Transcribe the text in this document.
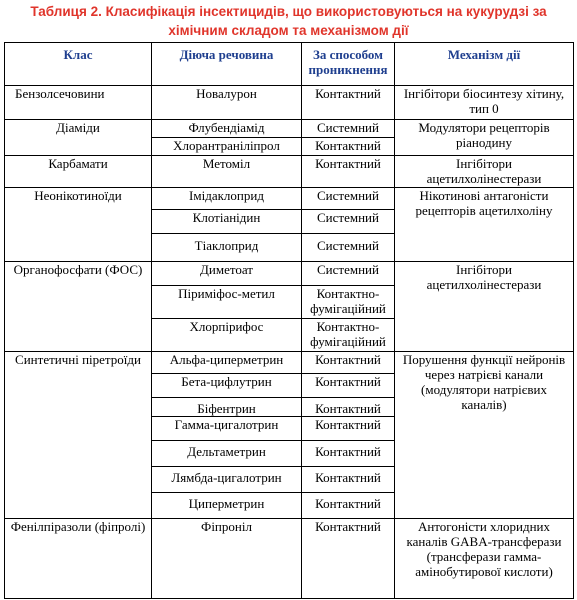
Таблиця 2. Класифікація інсектицидів, що використовуються на кукурудзі за
хімічним складом та механізмом дії
Клас	Діюча речовина	За способом проникнення	Механізм дії
Бензолсечовини	Новалурон	Контактний	Інгібітори біосинтезу хітину, тип 0
Діаміди	Флубендіамід	Системний	Модулятори рецепторів ріанодину
	Хлорантраніліпрол	Контактний	
Карбамати	Метоміл	Контактний	Інгібітори ацетилхолінестерази
Неонікотиноїди	Імідаклоприд	Системний	Нікотинові антагоністи рецепторів ацетилхоліну
	Клотіанідин	Системний	
	Тіаклоприд	Системний	
Органофосфати (ФОС)	Диметоат	Системний	Інгібітори ацетилхолінестерази
	Піриміфос-метил	Контактно-фумігаційний	
	Хлорпірифос	Контактно-фумігаційний	
Синтетичні піретроїди	Альфа-циперметрин	Контактний	Порушення функції нейронів через натрієві канали (модулятори натрієвих каналів)
	Бета-цифлутрин	Контактний	
	Біфентрин	Контактний	
	Гамма-цигалотрин	Контактний	
	Дельтаметрин	Контактний	
	Лямбда-цигалотрин	Контактний	
	Циперметрин	Контактний	
Фенілпіразоли (фіпролі)	Фіпроніл	Контактний	Антогоністи хлоридних каналів GABA-трансферази (трансферази гамма-амінобутирової кислоти)
